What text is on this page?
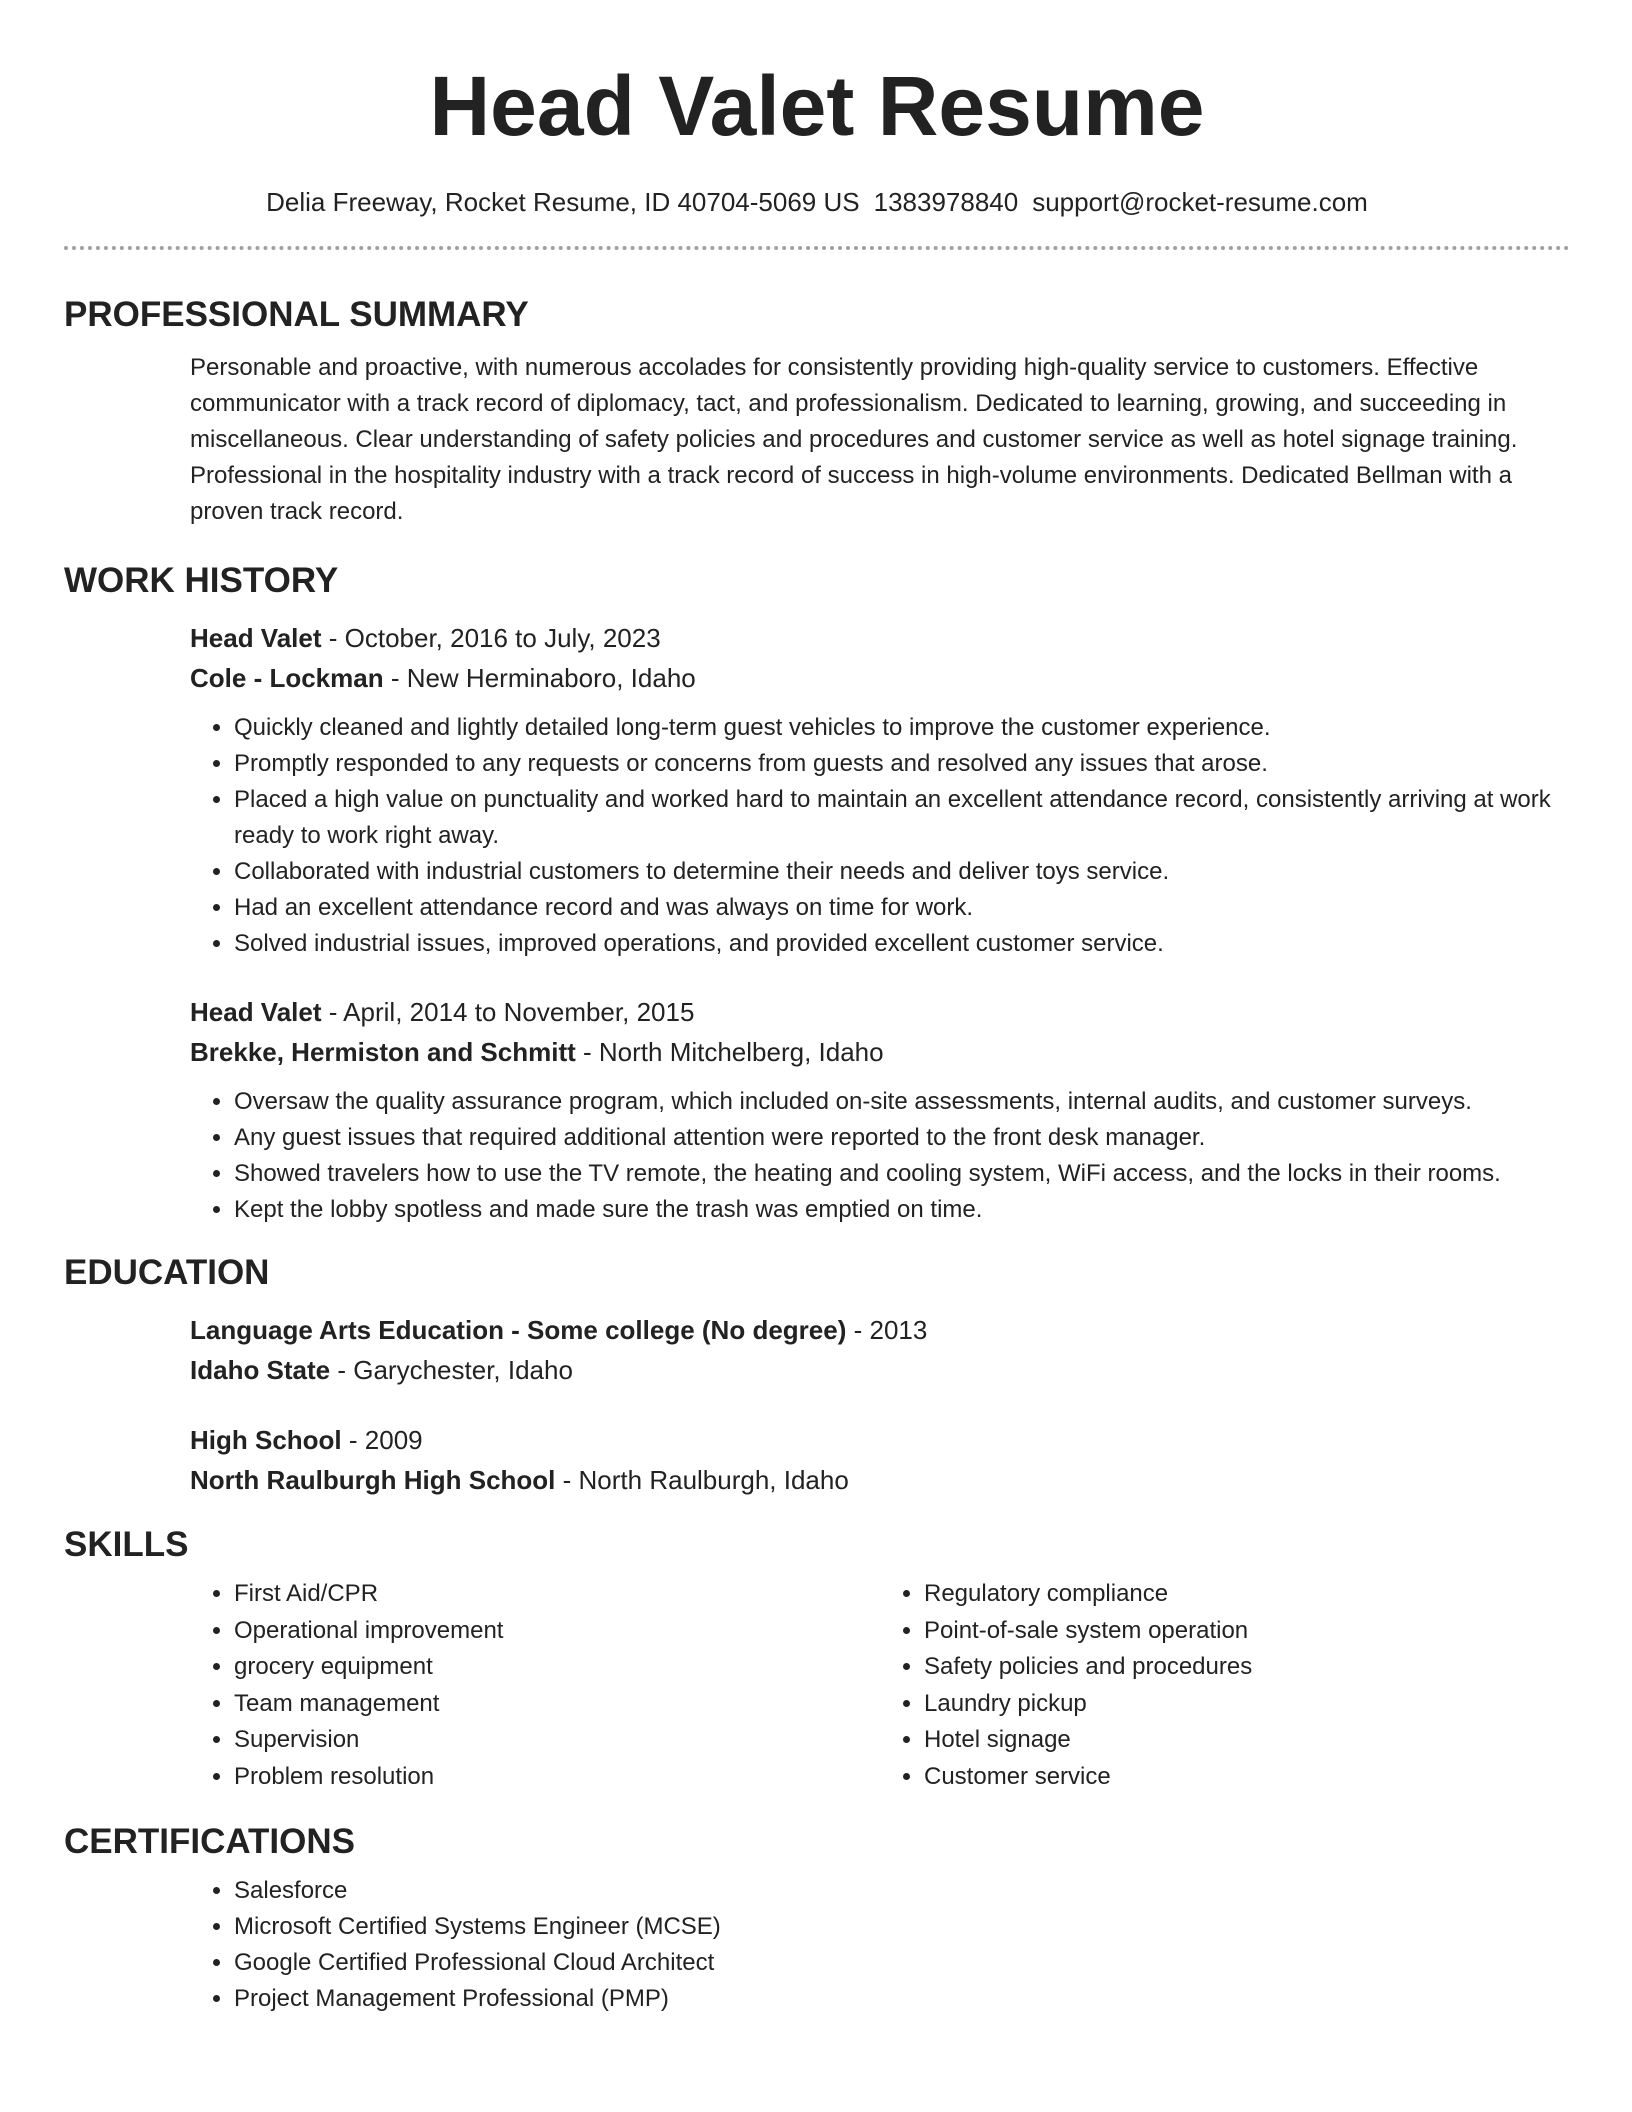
Head Valet Resume
Delia Freeway, Rocket Resume, ID 40704-5069 US 1383978840 support@rocket-resume.com
PROFESSIONAL SUMMARY
Personable and proactive, with numerous accolades for consistently providing high-quality service to customers. Effective communicator with a track record of diplomacy, tact, and professionalism. Dedicated to learning, growing, and succeeding in miscellaneous. Clear understanding of safety policies and procedures and customer service as well as hotel signage training. Professional in the hospitality industry with a track record of success in high-volume environments. Dedicated Bellman with a proven track record.
WORK HISTORY
Head Valet - October, 2016 to July, 2023
Cole - Lockman - New Herminaboro, Idaho
• Quickly cleaned and lightly detailed long-term guest vehicles to improve the customer experience.
• Promptly responded to any requests or concerns from guests and resolved any issues that arose.
• Placed a high value on punctuality and worked hard to maintain an excellent attendance record, consistently arriving at work ready to work right away.
• Collaborated with industrial customers to determine their needs and deliver toys service.
• Had an excellent attendance record and was always on time for work.
• Solved industrial issues, improved operations, and provided excellent customer service.
Head Valet - April, 2014 to November, 2015
Brekke, Hermiston and Schmitt - North Mitchelberg, Idaho
• Oversaw the quality assurance program, which included on-site assessments, internal audits, and customer surveys.
• Any guest issues that required additional attention were reported to the front desk manager.
• Showed travelers how to use the TV remote, the heating and cooling system, WiFi access, and the locks in their rooms.
• Kept the lobby spotless and made sure the trash was emptied on time.
EDUCATION
Language Arts Education - Some college (No degree) - 2013
Idaho State - Garychester, Idaho
High School - 2009
North Raulburgh High School - North Raulburgh, Idaho
SKILLS
• First Aid/CPR
• Operational improvement
• grocery equipment
• Team management
• Supervision
• Problem resolution
• Regulatory compliance
• Point-of-sale system operation
• Safety policies and procedures
• Laundry pickup
• Hotel signage
• Customer service
CERTIFICATIONS
• Salesforce
• Microsoft Certified Systems Engineer (MCSE)
• Google Certified Professional Cloud Architect
• Project Management Professional (PMP)
